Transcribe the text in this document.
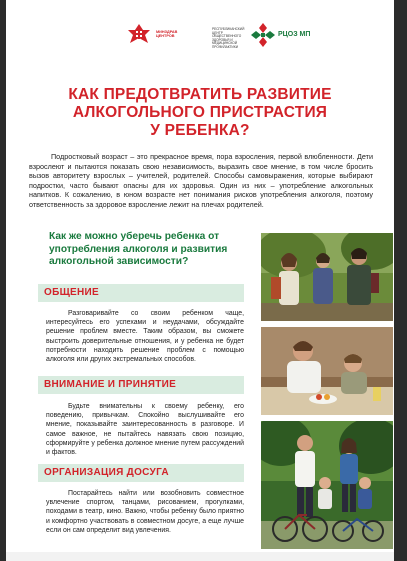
МИНЗДРАВ ЦЕНТРОВ
РЕСПУБЛИКАНСКИЙ ЦЕНТР ОБЩЕСТВЕННОГО ЗДОРОВЬЯ И МЕДИЦИНСКОЙ ПРОФИЛАКТИКИ
РЦОЗ МП
КАК ПРЕДОТВРАТИТЬ РАЗВИТИЕ
АЛКОГОЛЬНОГО ПРИСТРАСТИЯ
У РЕБЕНКА?
Подростковый возраст – это прекрасное время, пора взросления, первой влюбленности. Дети взрослеют и пытаются показать свою независимость, выразить свое мнение, в том числе бросить вызов авторитету взрослых – учителей, родителей. Способы самовыражения, которые выбирают подростки, часто бывают опасны для их здоровья. Один из них – употребление алкогольных напитков. К сожалению, в юном возрасте нет понимания рисков употребления алкоголя, поэтому ответственность за здоровое взросление лежит на плечах родителей.
Как же можно уберечь ребенка от употребления алкоголя и развития алкогольной зависимости?
ОБЩЕНИЕ
Разговаривайте со своим ребенком чаще, интересуйтесь его успехами и неудачами, обсуждайте решение проблем вместе. Таким образом, вы сможете выстроить доверительные отношения, и у ребенка не будет потребности находить решение проблем с помощью алкоголя или других экстремальных способов.
ВНИМАНИЕ И ПРИНЯТИЕ
Будьте внимательны к своему ребенку, его поведению, привычкам. Спокойно выслушивайте его мнение, показывайте заинтересованность в разговоре. И самое важное, не пытайтесь навязать свою позицию, сформируйте у ребенка должное мнение путем рассуждений и фактов.
ОРГАНИЗАЦИЯ ДОСУГА
Постарайтесь найти или возобновить совместное увлечение спортом, танцами, рисованием, прогулками, походами в театр, кино. Важно, чтобы ребенку было приятно и комфортно участвовать в совместном досуге, а еще лучше если он сам определит вид увлечения.
